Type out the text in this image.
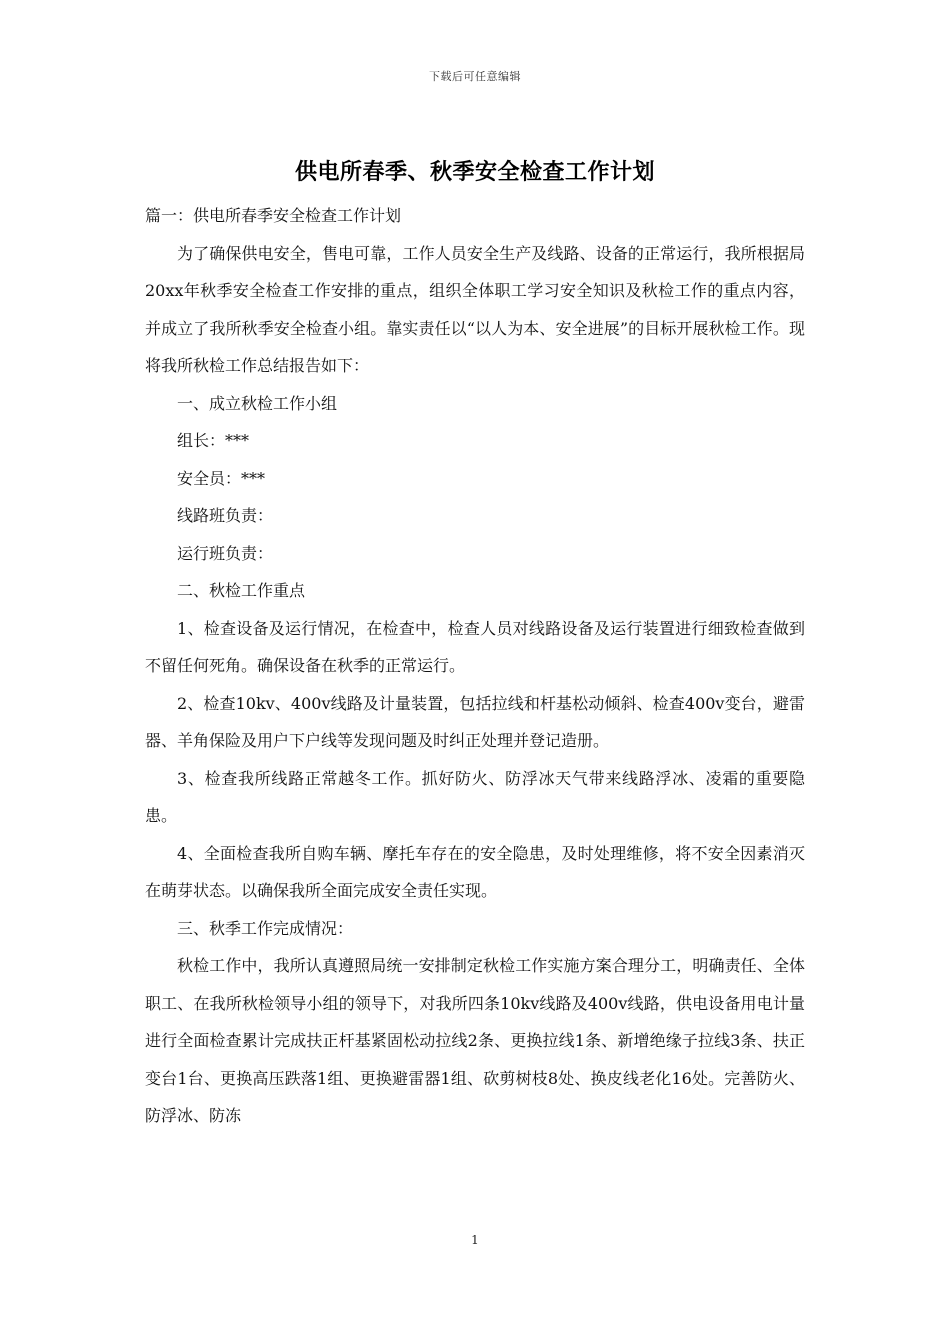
下载后可任意编辑
供电所春季、秋季安全检查工作计划

篇一：供电所春季安全检查工作计划

为了确保供电安全，售电可靠，工作人员安全生产及线路、设备的正常运行，我所根据局20xx年秋季安全检查工作安排的重点，组织全体职工学习安全知识及秋检工作的重点内容，并成立了我所秋季安全检查小组。靠实责任以“以人为本、安全进展”的目标开展秋检工作。现将我所秋检工作总结报告如下：

一、成立秋检工作小组

组长：***

安全员：***

线路班负责：

运行班负责：

二、秋检工作重点

1、检查设备及运行情况，在检查中，检查人员对线路设备及运行装置进行细致检查做到不留任何死角。确保设备在秋季的正常运行。

2、检查10kv、400v线路及计量装置，包括拉线和杆基松动倾斜、检查400v变台，避雷器、羊角保险及用户下户线等发现问题及时纠正处理并登记造册。

3、检查我所线路正常越冬工作。抓好防火、防浮冰天气带来线路浮冰、凌霜的重要隐患。

4、全面检查我所自购车辆、摩托车存在的安全隐患，及时处理维修，将不安全因素消灭在萌芽状态。以确保我所全面完成安全责任实现。

三、秋季工作完成情况：

秋检工作中，我所认真遵照局统一安排制定秋检工作实施方案合理分工，明确责任、全体职工、在我所秋检领导小组的领导下，对我所四条10kv线路及400v线路，供电设备用电计量进行全面检查累计完成扶正杆基紧固松动拉线2条、更换拉线1条、新增绝缘子拉线3条、扶正变台1台、更换高压跌落1组、更换避雷器1组、砍剪树枝8处、换皮线老化16处。完善防火、防浮冰、防冻

1
